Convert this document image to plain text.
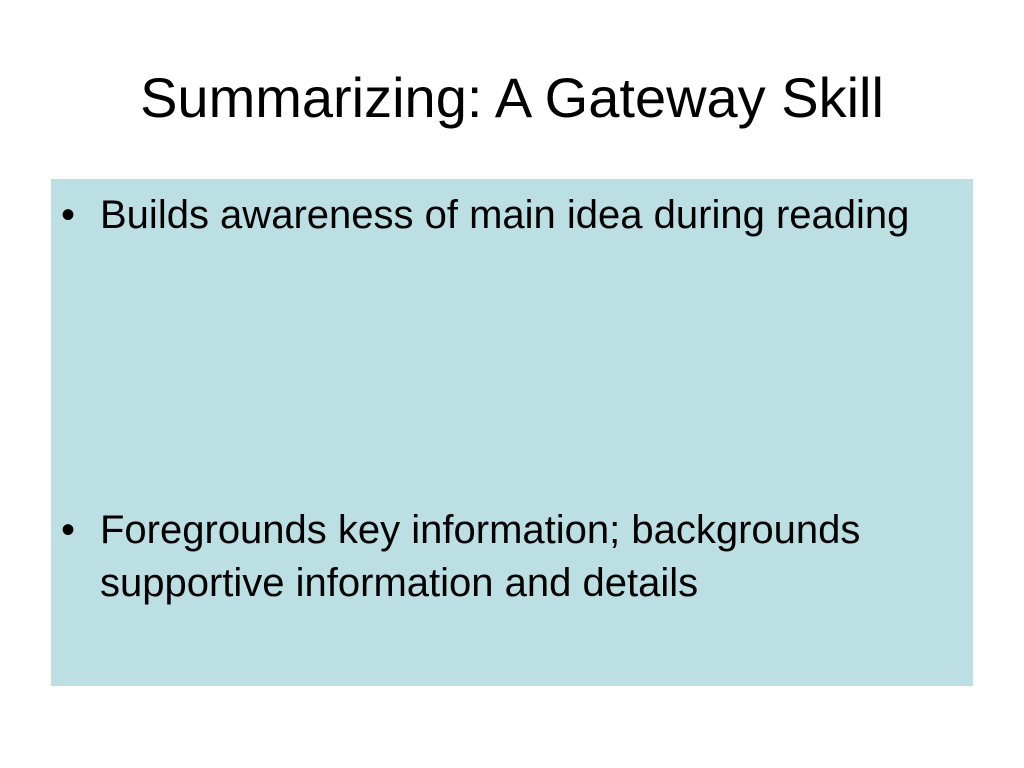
Summarizing: A Gateway Skill
• Builds awareness of main idea during reading
• Foregrounds key information; backgrounds supportive information and details
